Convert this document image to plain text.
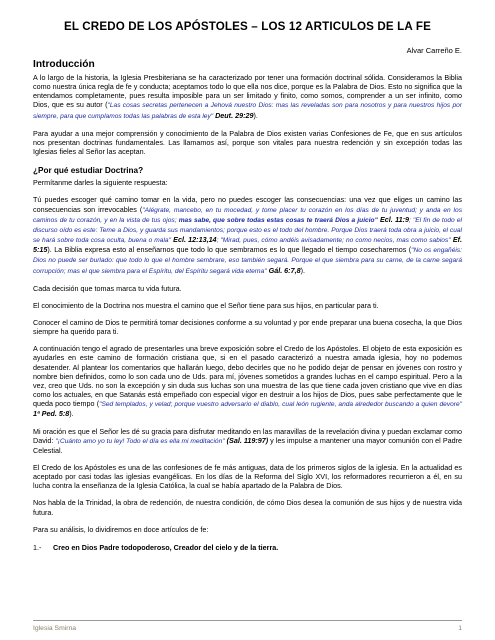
EL CREDO DE LOS APÓSTOLES – LOS 12 ARTICULOS DE LA FE
Alvar Carreño E.
Introducción

A lo largo de la historia, la Iglesia Presbiteriana se ha caracterizado por tener una formación doctrinal sólida. Consideramos la Biblia como nuestra única regla de fe y conducta; aceptamos todo lo que ella nos dice, porque es la Palabra de Dios. Esto no significa que la entendamos completamente, pues resulta imposible para un ser limitado y finito, como somos, comprender a un ser infinito, como Dios, que es su autor ("Las cosas secretas pertenecen a Jehová nuestro Dios: mas las reveladas son para nosotros y para nuestros hijos por siempre, para que cumplamos todas las palabras de esta ley" Deut. 29:29).

Para ayudar a una mejor comprensión y conocimiento de la Palabra de Dios existen varias Confesiones de Fe, que en sus artículos nos presentan doctrinas fundamentales. Las llamamos así, porque son vitales para nuestra redención y sin excepción todas las Iglesias fieles al Señor las aceptan.

¿Por qué estudiar Doctrina?

Permítanme darles la siguiente respuesta:

Tú puedes escoger qué camino tomar en la vida, pero no puedes escoger las consecuencias: una vez que eliges un camino las consecuencias son irrevocables ("Alégrate, mancebo, en tu mocedad, y tome placer tu corazón en los días de tu juventud; y anda en los caminos de tu corazón, y en la vista de tus ojos; mas sabe, que sobre todas estas cosas te traerá Dios a juicio" Ecl. 11:9; "El fin de todo el discurso oído es este: Teme a Dios, y guarda sus mandamientos; porque esto es el todo del hombre. Porque Dios traerá toda obra a juicio, el cual se hará sobre toda cosa oculta, buena o mala" Ecl. 12:13,14; "Mirad, pues, cómo andéis avisadamente; no como necios, mas como sabios" Ef. 5:15). La Biblia expresa esto al enseñarnos que todo lo que sembramos es lo que llegado el tiempo cosecharemos ("No os engañéis: Dios no puede ser burlado: que todo lo que el hombre sembrare, eso también segará. Porque el que siembra para su carne, de la carne segará corrupción; mas el que siembra para el Espíritu, del Espíritu segará vida eterna" Gál. 6:7,8).

Cada decisión que tomas marca tu vida futura.

El conocimiento de la Doctrina nos muestra el camino que el Señor tiene para sus hijos, en particular para ti.

Conocer el camino de Dios te permitirá tomar decisiones conforme a su voluntad y por ende preparar una buena cosecha, la que Dios siempre ha querido para ti.

A continuación tengo el agrado de presentarles una breve exposición sobre el Credo de los Apóstoles. El objeto de esta exposición es ayudarles en este camino de formación cristiana que, si en el pasado caracterizó a nuestra amada iglesia, hoy no podemos desatender. Al plantear los comentarios que hallarán luego, debo decirles que no he podido dejar de pensar en jóvenes con rostro y nombre bien definidos, como lo son cada uno de Uds. para mí, jóvenes sometidos a grandes luchas en el campo espiritual. Pero a la vez, creo que Uds. no son la excepción y sin duda sus luchas son una muestra de las que tiene cada joven cristiano que vive en días como los actuales, en que Satanás está empeñado con especial vigor en destruir a los hijos de Dios, pues sabe perfectamente que le queda poco tiempo ("Sed templados, y velad; porque vuestro adversario el diablo, cual león rugiente, anda alrededor buscando a quien devore" 1ª Ped. 5:8).

Mi oración es que el Señor les dé su gracia para disfrutar meditando en las maravillas de la revelación divina y puedan exclamar como David: "¡Cuánto amo yo tu ley! Todo el día es ella mi meditación" (Sal. 119:97) y les impulse a mantener una mayor comunión con el Padre Celestial.

El Credo de los Apóstoles es una de las confesiones de fe más antiguas, data de los primeros siglos de la iglesia. En la actualidad es aceptado por casi todas las iglesias evangélicas. En los días de la Reforma del Siglo XVI, los reformadores recurrieron a él, en su lucha contra la enseñanza de la Iglesia Católica, la cual se había apartado de la Palabra de Dios.

Nos habla de la Trinidad, la obra de redención, de nuestra condición, de cómo Dios desea la comunión de sus hijos y de nuestra vida futura.

Para su análisis, lo dividiremos en doce artículos de fe:

1.- Creo en Dios Padre todopoderoso, Creador del cielo y de la tierra.
Iglesia Smirna	1
